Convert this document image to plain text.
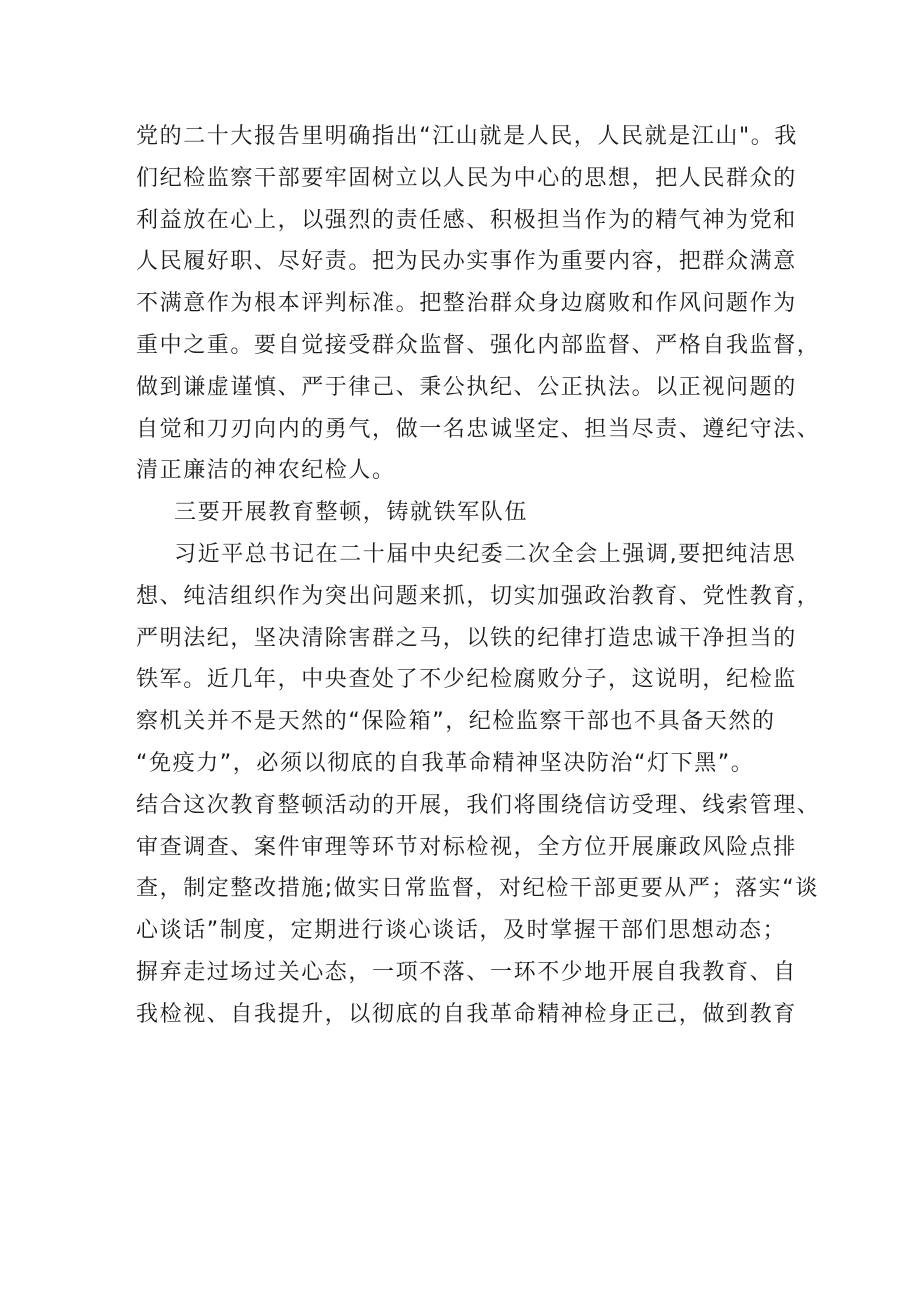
党的二十大报告里明确指出“江山就是人民，人民就是江山"。我
们纪检监察干部要牢固树立以人民为中心的思想，把人民群众的
利益放在心上，以强烈的责任感、积极担当作为的精气神为党和
人民履好职、尽好责。把为民办实事作为重要内容，把群众满意
不满意作为根本评判标准。把整治群众身边腐败和作风问题作为
重中之重。要自觉接受群众监督、强化内部监督、严格自我监督，
做到谦虚谨慎、严于律己、秉公执纪、公正执法。以正视问题的
自觉和刀刃向内的勇气，做一名忠诚坚定、担当尽责、遵纪守法、
清正廉洁的神农纪检人。
三要开展教育整顿，铸就铁军队伍
习近平总书记在二十届中央纪委二次全会上强调,要把纯洁思
想、纯洁组织作为突出问题来抓，切实加强政治教育、党性教育，
严明法纪，坚决清除害群之马，以铁的纪律打造忠诚干净担当的
铁军。近几年，中央查处了不少纪检腐败分子，这说明，纪检监
察机关并不是天然的“保险箱”，纪检监察干部也不具备天然的
“免疫力”，必须以彻底的自我革命精神坚决防治“灯下黑”。
结合这次教育整顿活动的开展，我们将围绕信访受理、线索管理、
审查调查、案件审理等环节对标检视，全方位开展廉政风险点排
查，制定整改措施;做实日常监督，对纪检干部更要从严；落实“谈
心谈话”制度，定期进行谈心谈话，及时掌握干部们思想动态；
摒弃走过场过关心态，一项不落、一环不少地开展自我教育、自
我检视、自我提升，以彻底的自我革命精神检身正己，做到教育
